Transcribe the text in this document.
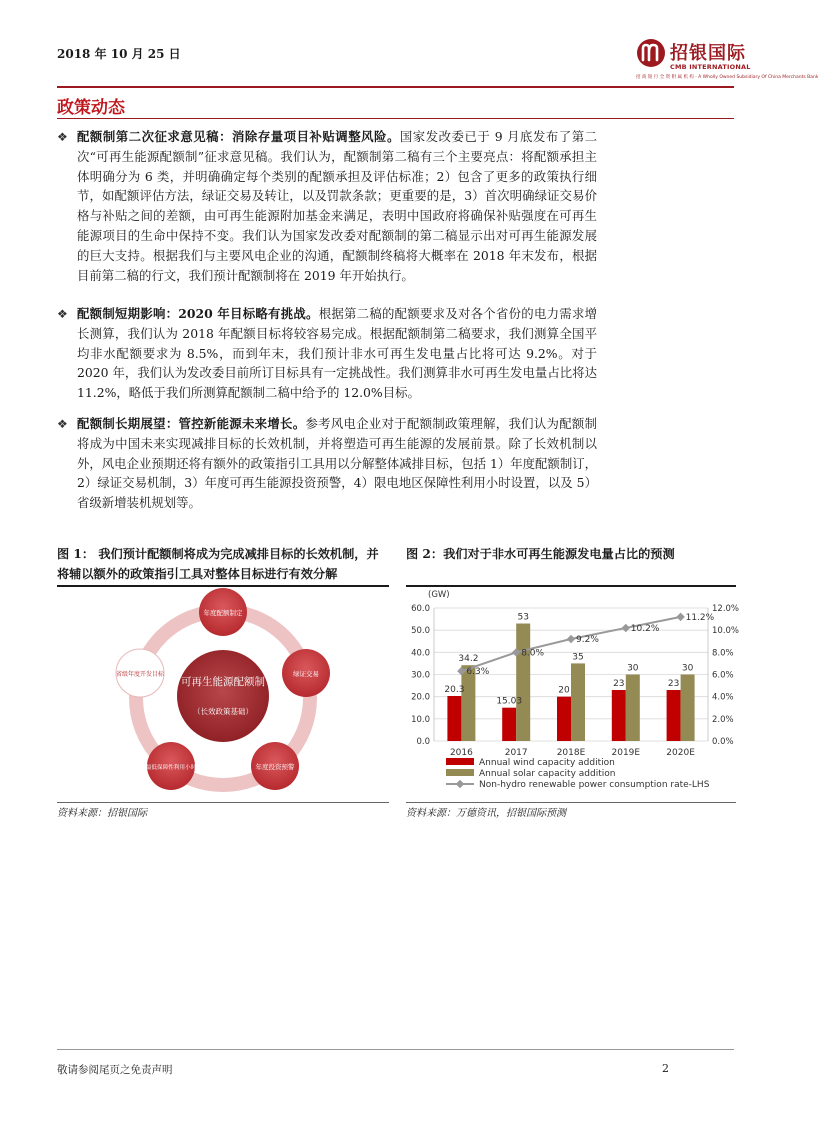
2018 年 10 月 25 日	招银国际
CMB INTERNATIONAL
招 商 银 行 全 资 附 属 机 构 · A Wholly Owned Subsidiary Of China Merchants Bank
政策动态
❖ 配额制第二次征求意见稿：消除存量项目补贴调整风险。国家发改委已于 9 月底发布了第二次“可再生能源配额制”征求意见稿。我们认为，配额制第二稿有三个主要亮点：将配额承担主体明确分为 6 类，并明确确定每个类别的配额承担及评估标准；2）包含了更多的政策执行细节，如配额评估方法，绿证交易及转让，以及罚款条款；更重要的是，3）首次明确绿证交易价格与补贴之间的差额，由可再生能源附加基金来满足，表明中国政府将确保补贴强度在可再生能源项目的生命中保持不变。我们认为国家发改委对配额制的第二稿显示出对可再生能源发展的巨大支持。根据我们与主要风电企业的沟通，配额制终稿将大概率在 2018 年末发布，根据目前第二稿的行文，我们预计配额制将在 2019 年开始执行。

❖ 配额制短期影响：2020 年目标略有挑战。根据第二稿的配额要求及对各个省份的电力需求增长测算，我们认为 2018 年配额目标将较容易完成。根据配额制第二稿要求，我们测算全国平均非水配额要求为 8.5%，而到年末，我们预计非水可再生发电量占比将可达 9.2%。对于 2020 年，我们认为发改委目前所订目标具有一定挑战性。我们测算非水可再生发电量占比将达 11.2%，略低于我们所测算配额制二稿中给予的 12.0%目标。

❖ 配额制长期展望：管控新能源未来增长。参考风电企业对于配额制政策理解，我们认为配额制将成为中国未来实现减排目标的长效机制，并将塑造可再生能源的发展前景。除了长效机制以外，风电企业预期还将有额外的政策指引工具用以分解整体减排目标，包括 1）年度配额制订，2）绿证交易机制，3）年度可再生能源投资预警，4）限电地区保障性利用小时设置，以及 5）省级新增装机规划等。

图 1： 我们预计配额制将成为完成减排目标的长效机制，并将辅以额外的政策指引工具对整体目标进行有效分解
图 2：我们对于非水可再生能源发电量占比的预测
可再生能源配额制
（长效政策基础）
年度配额制定
绿证交易
年度投资预警
最低保障性利用小时
省级年度开发目标
(GW)
0.0
10.0
20.0
30.0
40.0
50.0
60.0
0.0%
2.0%
4.0%
6.0%
8.0%
10.0%
12.0%
20.3
34.2
15.03
53
20
35
23
30
23
30
6.3%
8.0%
9.2%
10.2%
11.2%
2016	2017	2018E	2019E	2020E
Annual wind capacity addition
Annual solar capacity addition
Non-hydro renewable power consumption rate-LHS
资料来源：招银国际	资料来源：万德资讯，招银国际预测
敬请参阅尾页之免责声明	2
